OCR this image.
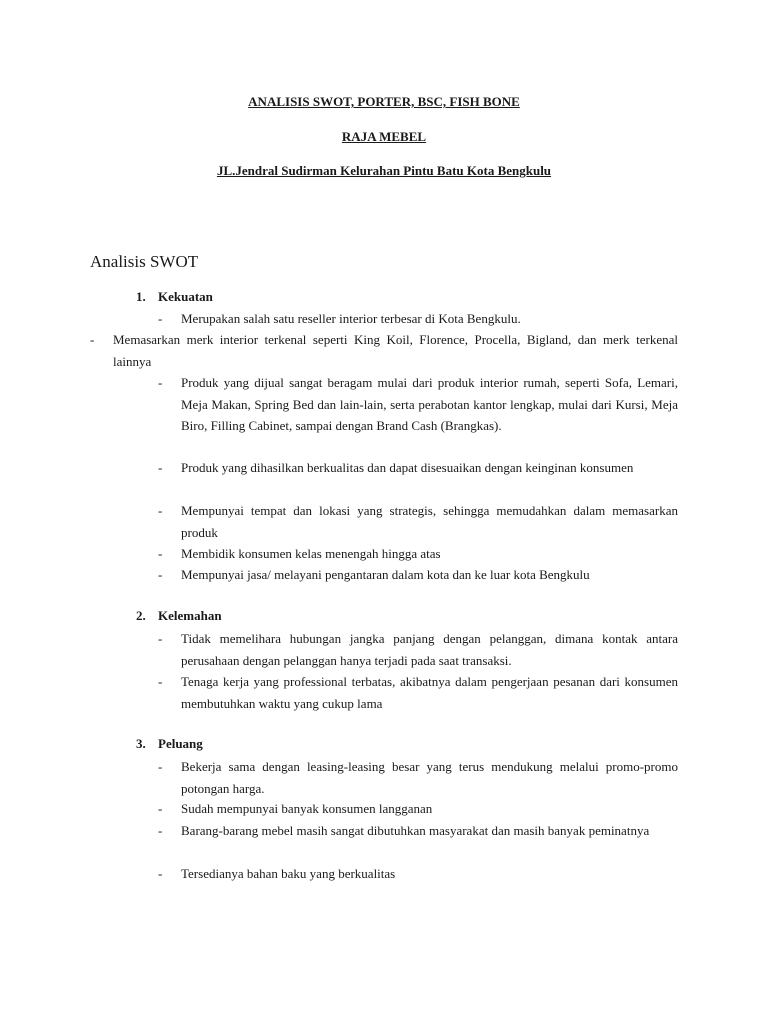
ANALISIS SWOT, PORTER, BSC, FISH BONE
RAJA MEBEL
JL.Jendral Sudirman Kelurahan Pintu Batu Kota Bengkulu
Analisis SWOT
1. Kekuatan
- Merupakan salah satu reseller interior terbesar di Kota Bengkulu.
- Memasarkan merk interior terkenal seperti King Koil, Florence, Procella, Bigland, dan merk terkenal lainnya
- Produk yang dijual sangat beragam mulai dari produk interior rumah, seperti Sofa, Lemari, Meja Makan, Spring Bed dan lain-lain, serta perabotan kantor lengkap, mulai dari Kursi, Meja Biro, Filling Cabinet, sampai dengan Brand Cash (Brangkas).
- Produk yang dihasilkan berkualitas dan dapat disesuaikan dengan keinginan konsumen
- Mempunyai tempat dan lokasi yang strategis, sehingga memudahkan dalam memasarkan produk
- Membidik konsumen kelas menengah hingga atas
- Mempunyai jasa/ melayani pengantaran dalam kota dan ke luar kota Bengkulu
2. Kelemahan
- Tidak memelihara hubungan jangka panjang dengan pelanggan, dimana kontak antara perusahaan dengan pelanggan hanya terjadi pada saat transaksi.
- Tenaga kerja yang professional terbatas, akibatnya dalam pengerjaan pesanan dari konsumen membutuhkan waktu yang cukup lama
3. Peluang
- Bekerja sama dengan leasing-leasing besar yang terus mendukung melalui promo-promo potongan harga.
- Sudah mempunyai banyak konsumen langganan
- Barang-barang mebel masih sangat dibutuhkan masyarakat dan masih banyak peminatnya
- Tersedianya bahan baku yang berkualitas
